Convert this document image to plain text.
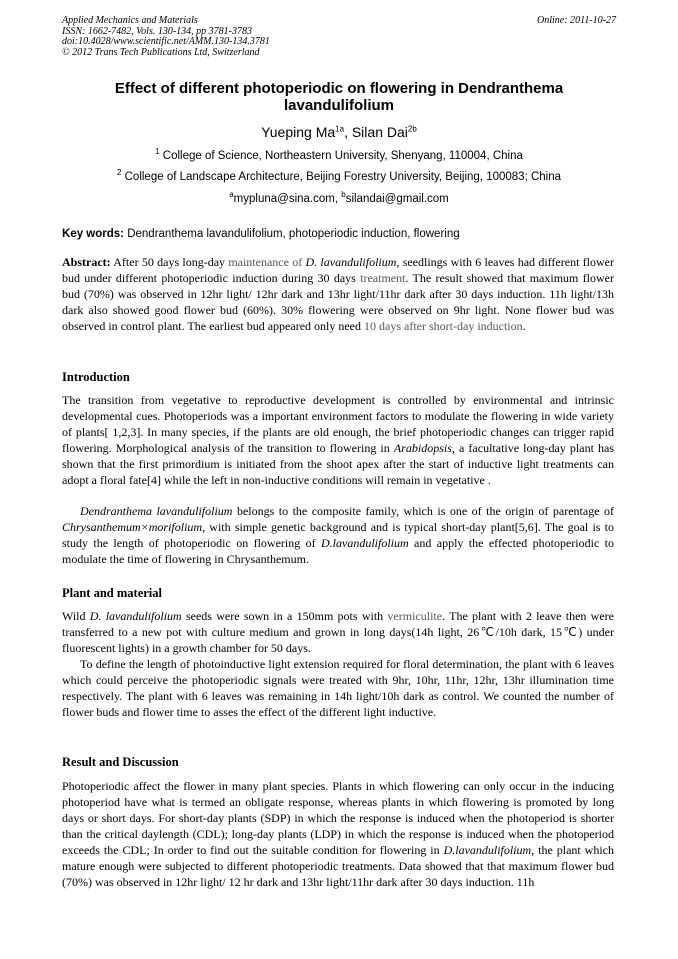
Applied Mechanics and Materials
ISSN: 1662-7482, Vols. 130-134, pp 3781-3783
doi:10.4028/www.scientific.net/AMM.130-134.3781
© 2012 Trans Tech Publications Ltd, Switzerland
Online: 2011-10-27
Effect of different photoperiodic on flowering in Dendranthema lavandulifolium
Yueping $Ma^{1a}$, Silan Dai$^{2b}$
$^1$ College of Science, Northeastern University, Shenyang, 110004, China
$^2$ College of Landscape Architecture, Beijing Forestry University, Beijing, 100083; China
$^a$mypluna@sina.com, $^b$silandai@gmail.com
Key words: Dendranthema lavandulifolium, photoperiodic induction, flowering
Abstract: After 50 days long-day maintenance of D. lavandulifolium, seedlings with 6 leaves had different flower bud under different photoperiodic induction during 30 days treatment. The result showed that maximum flower bud (70%) was observed in 12hr light/ 12hr dark and 13hr light/11hr dark after 30 days induction. 11h light/13h dark also showed good flower bud (60%). 30% flowering were observed on 9hr light. None flower bud was observed in control plant. The earliest bud appeared only need 10 days after short-day induction.
Introduction
The transition from vegetative to reproductive development is controlled by environmental and intrinsic developmental cues. Photoperiods was a important environment factors to modulate the flowering in wide variety of plants[ 1,2,3]. In many species, if the plants are old enough, the brief photoperiodic changes can trigger rapid flowering. Morphological analysis of the transition to flowering in Arabidopsis, a facultative long-day plant has shown that the first primordium is initiated from the shoot apex after the start of inductive light treatments can adopt a floral fate[4] while the left in non-inductive conditions will remain in vegetative .
Dendranthema lavandulifolium belongs to the composite family, which is one of the origin of parentage of Chrysanthemum×morifolium, with simple genetic background and is typical short-day plant[5,6]. The goal is to study the length of photoperiodic on flowering of D.lavandulifolium and apply the effected photoperiodic to modulate the time of flowering in Chrysanthemum.
Plant and material
Wild D. lavandulifolium seeds were sown in a 150mm pots with vermiculite. The plant with 2 leave then were transferred to a new pot with culture medium and grown in long days(14h light, 26℃/10h dark, 15℃) under fluorescent lights) in a growth chamber for 50 days.
To define the length of photoinductive light extension required for floral determination, the plant with 6 leaves which could perceive the photoperiodic signals were treated with 9hr, 10hr, 11hr, 12hr, 13hr illumination time respectively. The plant with 6 leaves was remaining in 14h light/10h dark as control. We counted the number of flower buds and flower time to asses the effect of the different light inductive.
Result and Discussion
Photoperiodic affect the flower in many plant species. Plants in which flowering can only occur in the inducing photoperiod have what is termed an obligate response, whereas plants in which flowering is promoted by long days or short days. For short-day plants (SDP) in which the response is induced when the photoperiod is shorter than the critical daylength (CDL); long-day plants (LDP) in which the response is induced when the photoperiod exceeds the CDL; In order to find out the suitable condition for flowering in D.lavandulifolium, the plant which mature enough were subjected to different photoperiodic treatments. Data showed that that maximum flower bud (70%) was observed in 12hr light/ 12 hr dark and 13hr light/11hr dark after 30 days induction. 11h
